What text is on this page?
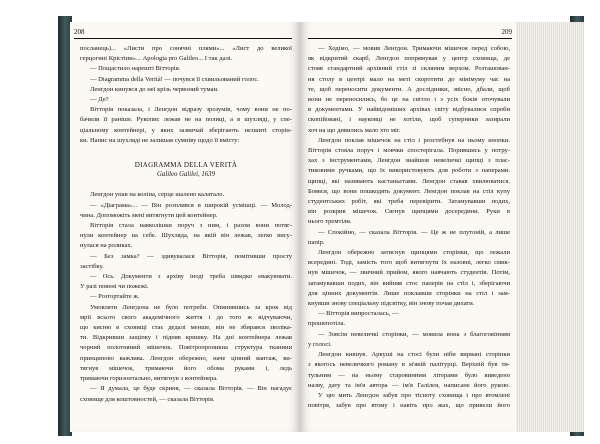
208
посланець)... «Листи про сонячні плями»... «Лист до великої
герцогині Крістіни»... Apologia pro Galileo... І так далі.
— Пощастило нарешті Вітторія.
— Diagramma della Verità! — почувся її схвильований голос.
Ленгдон кинувся до неї крізь червоний туман.
— Де?
Вітторія показала, і Ленгдон відразу зрозумів, чому вони не по-
бачили її раніше. Рукопис лежав не на полиці, а в шухляді, у спе-
ціальному контейнері, у яких зазвичай зберігають незшиті сторін-
ки. Напис на шухляді не залишав сумніву щодо її вмісту:
DIAGRAMMA DELLA VERITÀ
Galileo Galilei, 1639
Ленгдон упав на коліна, серце шалено калатало.
— «Діаграма»... — Він розплився в широкій усмішці. — Молод-
чина. Допоможіть мені витягнути цей контейнер.
Вітторія стала навколішки поруч з ним, і разом вони потяг-
нули контейнер на себе. Шухляда, на якій він лежав, легко вису-
нулася на роликах.
— Без замка? — здивувалася Вітторія, помітивши просту
застібку.
— Ось. Документи з архіву іноді треба швидко евакуювати.
У разі повені чи пожежі.
— Розгортайте ж.
Умовляти Ленгдона не було потреби. Опинившись за крок від
мрії всього свого академічного життя і до того ж відчуваючи,
що кисню в сховищі стає дедалі менше, він не збирався зволіка-
ти. Відкривши защіпку і підняв кришку. На дні контейнера лежав
чорний полотняний мішечок. Повітропроникна структура тканини
принципово важлива. Ленгдон обережно, наче цінний вантаж, ви-
тягнув мішечок, тримаючи його обома руками і, ледь
тримаючи горизонтально, витягнув з контейнера.
— Я думала, це буде скриня, — сказала Вітторія. — Він нагадує
сховище для коштовностей, — сказала Вітторія.
209
— Ходімо, — мовив Ленгдон. Тримаючи мішечок перед собою,
як відкритий скарб, Ленгдон попрямував у центр сховища, де
стояв стандартний архівний стіл зі скляним верхом. Розташован-
ня столу в центрі мало на меті скоротити до мінімуму час на
те, щоб переносити документи. А дослідники, звісно, дбали, щоб
вони не переносились, бо це на світло і з усіх боків оточували
в документами. У найвідоміших архівах світу відбувалися спроби
скопійовані, і науковці не хотіли, щоб суперники зазирали
хоч на що дивились мало хто міг.
Ленгдон поклав мішечок на стіл і розстебнув на ньому кнопки.
Вітторія стояла поруч і мовчки спостерігала. Порившись у потру-
хах з інструментами, Ленгдон знайшов невеличкі щипці з плас-
тиковими ручками, що їх використовують для роботи з паперами.
щипці, які називають кастаньетами. Ленгдон ставав хвилюватися.
Боявся, що вони пошкодять документ. Ленгдон поклав на стіл купу
студентських робіт, які треба перевірити. Затамувавши подих,
він розкрив мішечок. Сягнув щипцями досередини. Руки в
нього тремтіли.
— Спокійно, — сказала Вітторія. — Це ж не плутоній, а лише
папір.
Ленгдон обережно затиснув щипцями сторінки, що лежали
всередині. Тоді, замість того щоб витягнути їх назовні, легко смик-
нув мішечок, — звичний прийом, якого навчають студентів. Потім,
затамувавши подих, він вийняв стос паперів на стіл і, зберігаючи
для цінних документів. Лише поклавши сторінки на стіл і зам-
кнувши знову спеціальну підсвітку, він знову почав дихати.
— Вітторія випросталась, —
прошепотіла.
— Зовсім невеличкі сторінки, — мовила вона з благоговінням
у голосі.
Ленгдон кивнув. Аркуші на стосі були ніби вирвані сторінки
з якогось невеличкого роману в м'якій палітурці. Верхній був ти-
тульним — на ньому старовинним літерами було виведено
назву, дату та ім'я автора — ім'я Галілея, написане його рукою.
У цю мить Ленгдон забув про тісноту сховища і про втомлені
повітря, забув про втому і навіть про жах, що привели його
